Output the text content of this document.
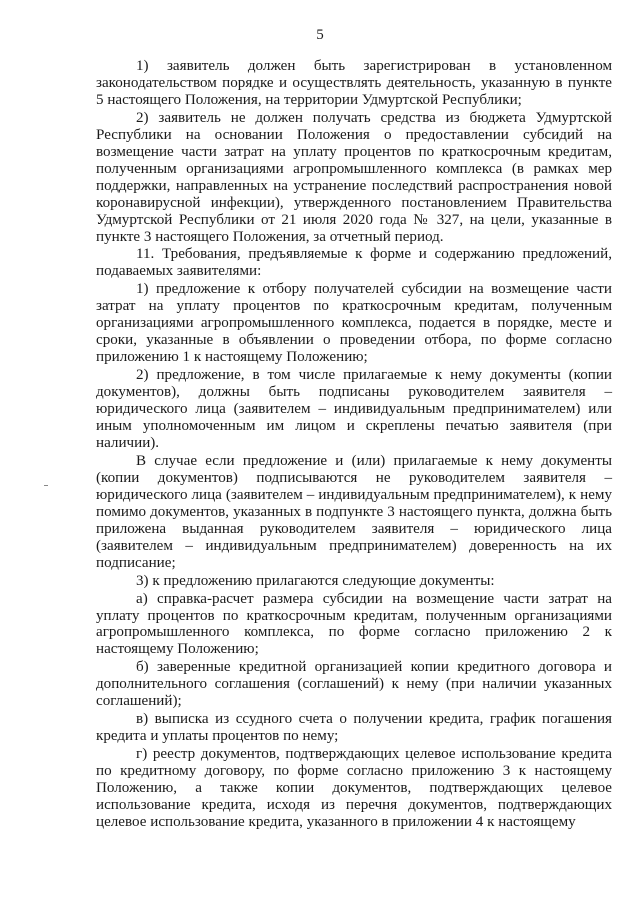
5

1) заявитель должен быть зарегистрирован в установленном законодательством порядке и осуществлять деятельность, указанную в пункте 5 настоящего Положения, на территории Удмуртской Республики;

2) заявитель не должен получать средства из бюджета Удмуртской Республики на основании Положения о предоставлении субсидий на возмещение части затрат на уплату процентов по краткосрочным кредитам, полученным организациями агропромышленного комплекса (в рамках мер поддержки, направленных на устранение последствий распространения новой коронавирусной инфекции), утвержденного постановлением Правительства Удмуртской Республики от 21 июля 2020 года № 327, на цели, указанные в пункте 3 настоящего Положения, за отчетный период.

11. Требования, предъявляемые к форме и содержанию предложений, подаваемых заявителями:

1) предложение к отбору получателей субсидии на возмещение части затрат на уплату процентов по краткосрочным кредитам, полученным организациями агропромышленного комплекса, подается в порядке, месте и сроки, указанные в объявлении о проведении отбора, по форме согласно приложению 1 к настоящему Положению;

2) предложение, в том числе прилагаемые к нему документы (копии документов), должны быть подписаны руководителем заявителя – юридического лица (заявителем – индивидуальным предпринимателем) или иным уполномоченным им лицом и скреплены печатью заявителя (при наличии).

В случае если предложение и (или) прилагаемые к нему документы (копии документов) подписываются не руководителем заявителя – юридического лица (заявителем – индивидуальным предпринимателем), к нему помимо документов, указанных в подпункте 3 настоящего пункта, должна быть приложена выданная руководителем заявителя – юридического лица (заявителем – индивидуальным предпринимателем) доверенность на их подписание;

3) к предложению прилагаются следующие документы:

а) справка-расчет размера субсидии на возмещение части затрат на уплату процентов по краткосрочным кредитам, полученным организациями агропромышленного комплекса, по форме согласно приложению 2 к настоящему Положению;

б) заверенные кредитной организацией копии кредитного договора и дополнительного соглашения (соглашений) к нему (при наличии указанных соглашений);

в) выписка из ссудного счета о получении кредита, график погашения кредита и уплаты процентов по нему;

г) реестр документов, подтверждающих целевое использование кредита по кредитному договору, по форме согласно приложению 3 к настоящему Положению, а также копии документов, подтверждающих целевое использование кредита, исходя из перечня документов, подтверждающих целевое использование кредита, указанного в приложении 4 к настоящему
